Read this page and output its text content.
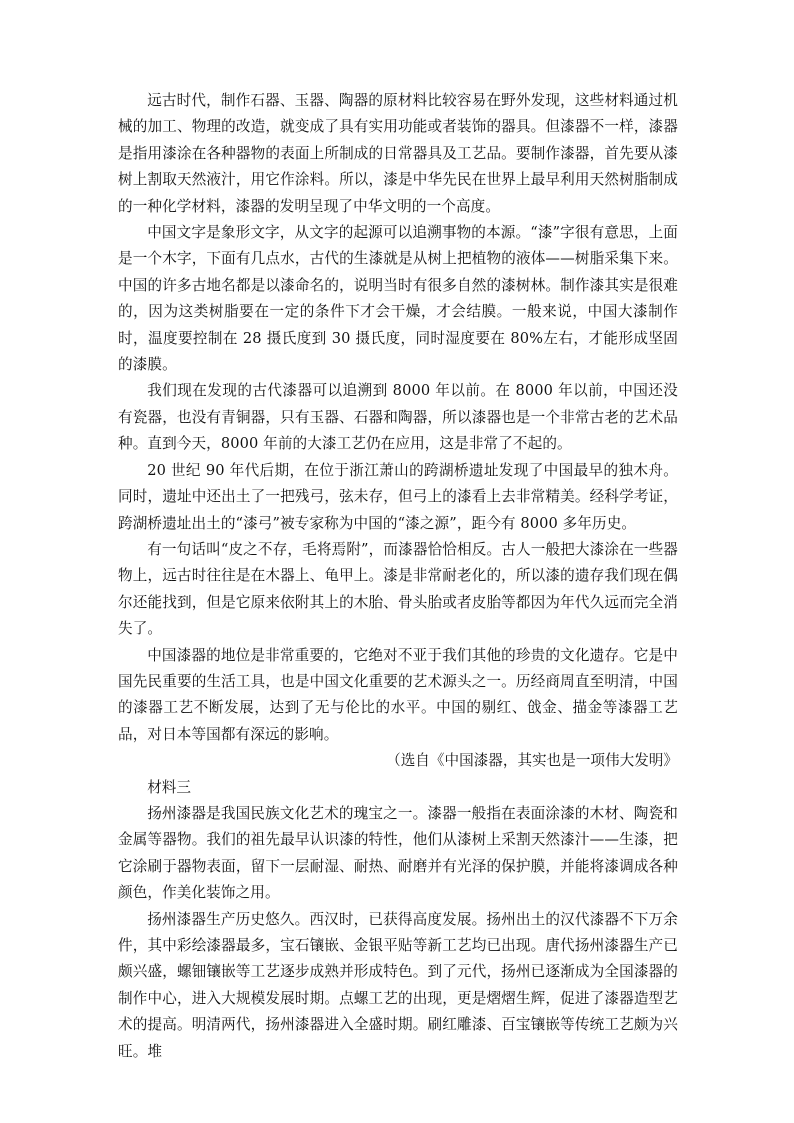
远古时代，制作石器、玉器、陶器的原材料比较容易在野外发现，这些材料通过机械的加工、物理的改造，就变成了具有实用功能或者装饰的器具。但漆器不一样，漆器是指用漆涂在各种器物的表面上所制成的日常器具及工艺品。要制作漆器，首先要从漆树上割取天然液汁，用它作涂料。所以，漆是中华先民在世界上最早利用天然树脂制成的一种化学材料，漆器的发明呈现了中华文明的一个高度。

中国文字是象形文字，从文字的起源可以追溯事物的本源。“漆”字很有意思，上面是一个木字，下面有几点水，古代的生漆就是从树上把植物的液体——树脂采集下来。中国的许多古地名都是以漆命名的，说明当时有很多自然的漆树林。制作漆其实是很难的，因为这类树脂要在一定的条件下才会干燥，才会结膜。一般来说，中国大漆制作时，温度要控制在 28 摄氏度到 30 摄氏度，同时湿度要在 80%左右，才能形成坚固的漆膜。

我们现在发现的古代漆器可以追溯到 8000 年以前。在 8000 年以前，中国还没有瓷器，也没有青铜器，只有玉器、石器和陶器，所以漆器也是一个非常古老的艺术品种。直到今天，8000 年前的大漆工艺仍在应用，这是非常了不起的。

20 世纪 90 年代后期，在位于浙江萧山的跨湖桥遗址发现了中国最早的独木舟。同时，遗址中还出土了一把残弓，弦未存，但弓上的漆看上去非常精美。经科学考证，跨湖桥遗址出土的“漆弓”被专家称为中国的“漆之源”，距今有 8000 多年历史。

有一句话叫“皮之不存，毛将焉附”，而漆器恰恰相反。古人一般把大漆涂在一些器物上，远古时往往是在木器上、龟甲上。漆是非常耐老化的，所以漆的遗存我们现在偶尔还能找到，但是它原来依附其上的木胎、骨头胎或者皮胎等都因为年代久远而完全消失了。

中国漆器的地位是非常重要的，它绝对不亚于我们其他的珍贵的文化遗存。它是中国先民重要的生活工具，也是中国文化重要的艺术源头之一。历经商周直至明清，中国的漆器工艺不断发展，达到了无与伦比的水平。中国的剔红、戗金、描金等漆器工艺品，对日本等国都有深远的影响。

（选自《中国漆器，其实也是一项伟大发明》

材料三

扬州漆器是我国民族文化艺术的瑰宝之一。漆器一般指在表面涂漆的木材、陶瓷和金属等器物。我们的祖先最早认识漆的特性，他们从漆树上采割天然漆汁——生漆，把它涂刷于器物表面，留下一层耐湿、耐热、耐磨并有光泽的保护膜，并能将漆调成各种颜色，作美化装饰之用。

扬州漆器生产历史悠久。西汉时，已获得高度发展。扬州出土的汉代漆器不下万余件，其中彩绘漆器最多，宝石镶嵌、金银平贴等新工艺均已出现。唐代扬州漆器生产已颇兴盛，螺钿镶嵌等工艺逐步成熟并形成特色。到了元代，扬州已逐渐成为全国漆器的制作中心，进入大规模发展时期。点螺工艺的出现，更是熠熠生辉，促进了漆器造型艺术的提高。明清两代，扬州漆器进入全盛时期。刷红雕漆、百宝镶嵌等传统工艺颇为兴旺。堆
